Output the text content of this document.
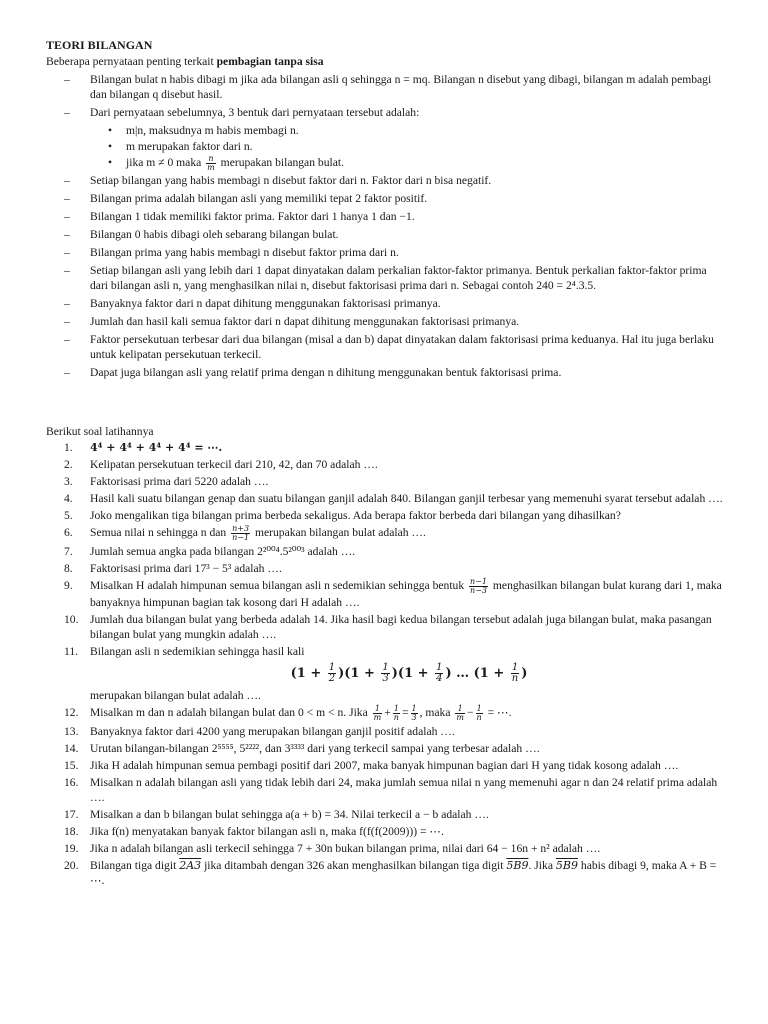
TEORI BILANGAN
Beberapa pernyataan penting terkait pembagian tanpa sisa
–	Bilangan bulat n habis dibagi m jika ada bilangan asli q sehingga n = mq. Bilangan n disebut yang dibagi, bilangan m adalah pembagi dan bilangan q disebut hasil.
–	Dari pernyataan sebelumnya, 3 bentuk dari pernyataan tersebut adalah:
•	m|n, maksudnya m habis membagi n.
•	m merupakan faktor dari n.
•	jika m ≠ 0 maka
$\frac{n}{m}$
merupakan bilangan bulat.
–	Setiap bilangan yang habis membagi n disebut faktor dari n. Faktor dari n bisa negatif.
–	Bilangan prima adalah bilangan asli yang memiliki tepat 2 faktor positif.
–	Bilangan 1 tidak memiliki faktor prima. Faktor dari 1 hanya 1 dan −1.
–	Bilangan 0 habis dibagi oleh sebarang bilangan bulat.
–	Bilangan prima yang habis membagi n disebut faktor prima dari n.
–	Setiap bilangan asli yang lebih dari 1 dapat dinyatakan dalam perkalian faktor-faktor primanya. Bentuk perkalian faktor-faktor prima dari bilangan asli n, yang menghasilkan nilai n, disebut faktorisasi prima dari n. Sebagai contoh 240 = 2⁴.3.5.
–	Banyaknya faktor dari n dapat dihitung menggunakan faktorisasi primanya.
–	Jumlah dan hasil kali semua faktor dari n dapat dihitung menggunakan faktorisasi primanya.
–	Faktor persekutuan terbesar dari dua bilangan (misal a dan b) dapat dinyatakan dalam faktorisasi prima keduanya. Hal itu juga berlaku untuk kelipatan persekutuan terkecil.
–	Dapat juga bilangan asli yang relatif prima dengan n dihitung menggunakan bentuk faktorisasi prima.
Berikut soal latihannya
1.	4⁴ + 4⁴ + 4⁴ + 4⁴ = ⋯.
2.	Kelipatan persekutuan terkecil dari 210, 42, dan 70 adalah ….
3.	Faktorisasi prima dari 5220 adalah ….
4.	Hasil kali suatu bilangan genap dan suatu bilangan ganjil adalah 840. Bilangan ganjil terbesar yang memenuhi syarat tersebut adalah ….
5.	Joko mengalikan tiga bilangan prima berbeda sekaligus. Ada berapa faktor berbeda dari bilangan yang dihasilkan?
6.	Semua nilai n sehingga n dan $\frac{n+3}{n-1}$ merupakan bilangan bulat adalah ….
7.	Jumlah semua angka pada bilangan 2²⁰⁰⁴.5²⁰⁰³ adalah ….
8.	Faktorisasi prima dari 17³ − 5³ adalah ….
9.	Misalkan H adalah himpunan semua bilangan asli n sedemikian sehingga bentuk $\frac{n-1}{n-3}$ menghasilkan bilangan bulat kurang dari 1, maka banyaknya himpunan bagian tak kosong dari H adalah ….
10. Jumlah dua bilangan bulat yang berbeda adalah 14. Jika hasil bagi kedua bilangan tersebut adalah juga bilangan bulat, maka pasangan bilangan bulat yang mungkin adalah ….
11.	Bilangan asli n sedemikian sehingga hasil kali
$(1 + \frac{1}{2} )(1 + \frac{1}{3} )(1 + \frac{1}{4}$ ) … ($1 + \frac{1}{n}$ )
merupakan bilangan bulat adalah ….
12. Misalkan m dan n adalah bilangan bulat dan 0 < m < n. Jika $\frac{1}{m} + \frac{1}{n} = \frac{1}{3}$ , maka $\frac{1}{m} - \frac{1}{n}$ = ⋯.
13. Banyaknya faktor dari 4200 yang merupakan bilangan ganjil positif adalah ….
14. Urutan bilangan-bilangan 2⁵⁵⁵⁵, 5²²²², dan 3³³³³ dari yang terkecil sampai yang terbesar adalah ….
15. Jika H adalah himpunan semua pembagi positif dari 2007, maka banyak himpunan bagian dari H yang tidak kosong adalah ….
16. Misalkan n adalah bilangan asli yang tidak lebih dari 24, maka jumlah semua nilai n yang memenuhi agar n dan 24 relatif prima adalah ….
17. Misalkan a dan b bilangan bulat sehingga a(a + b) = 34. Nilai terkecil a − b adalah ….
18. Jika f(n) menyatakan banyak faktor bilangan asli n, maka f(f(f(2009))) = ⋯.
19. Jika n adalah bilangan asli terkecil sehingga 7 + 30n bukan bilangan prima, nilai dari 64 − 16n + n² adalah ….
20. Bilangan tiga digit 2A3 jika ditambah dengan 326 akan menghasilkan bilangan tiga digit 5B9. Jika 5B9 habis dibagi 9, maka A + B = ⋯.
